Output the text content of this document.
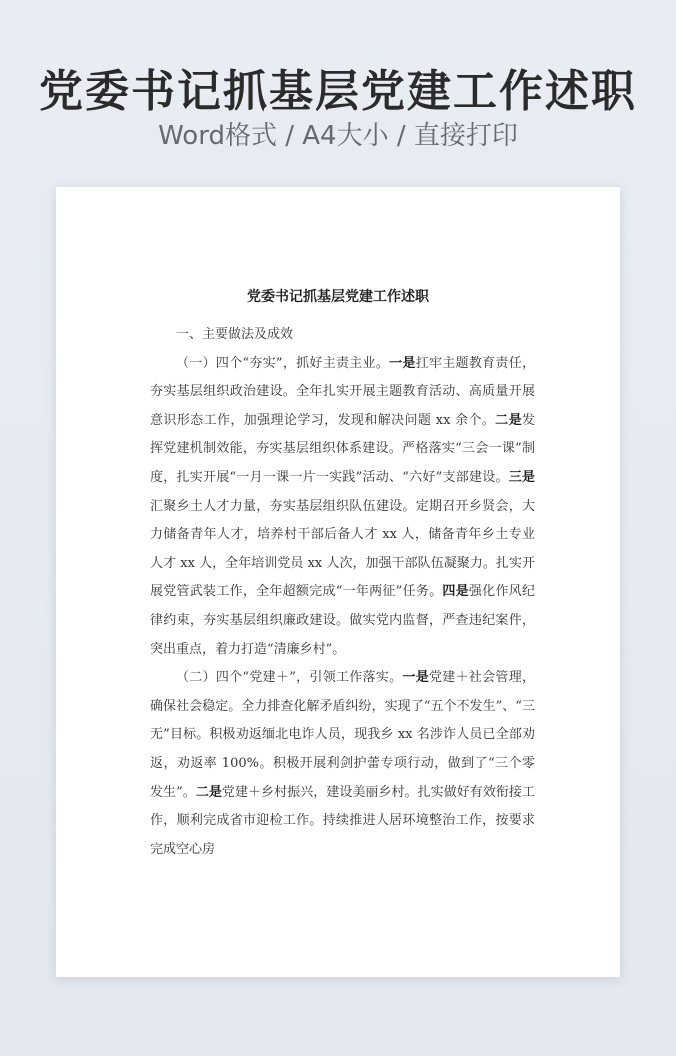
党委书记抓基层党建工作述职
Word格式 / A4大小 / 直接打印
党委书记抓基层党建工作述职

一、主要做法及成效

（一）四个“夯实”，抓好主责主业。一是扛牢主题教育责任，夯实基层组织政治建设。全年扎实开展主题教育活动、高质量开展意识形态工作，加强理论学习，发现和解决问题 xx 余个。二是发挥党建机制效能，夯实基层组织体系建设。严格落实“三会一课”制度，扎实开展“一月一课一片一实践”活动、“六好”支部建设。三是汇聚乡土人才力量，夯实基层组织队伍建设。定期召开乡贤会，大力储备青年人才，培养村干部后备人才 xx 人，储备青年乡土专业人才 xx 人，全年培训党员 xx 人次，加强干部队伍凝聚力。扎实开展党管武装工作，全年超额完成“一年两征”任务。四是强化作风纪律约束，夯实基层组织廉政建设。做实党内监督，严查违纪案件，突出重点，着力打造“清廉乡村”。

（二）四个“党建＋”，引领工作落实。一是党建＋社会管理，确保社会稳定。全力排查化解矛盾纠纷，实现了“五个不发生”、“三无”目标。积极劝返缅北电诈人员，现我乡 xx 名涉诈人员已全部劝返，劝返率 100%。积极开展利剑护蕾专项行动，做到了“三个零发生”。二是党建＋乡村振兴，建设美丽乡村。扎实做好有效衔接工作，顺利完成省市迎检工作。持续推进人居环境整治工作，按要求完成空心房
